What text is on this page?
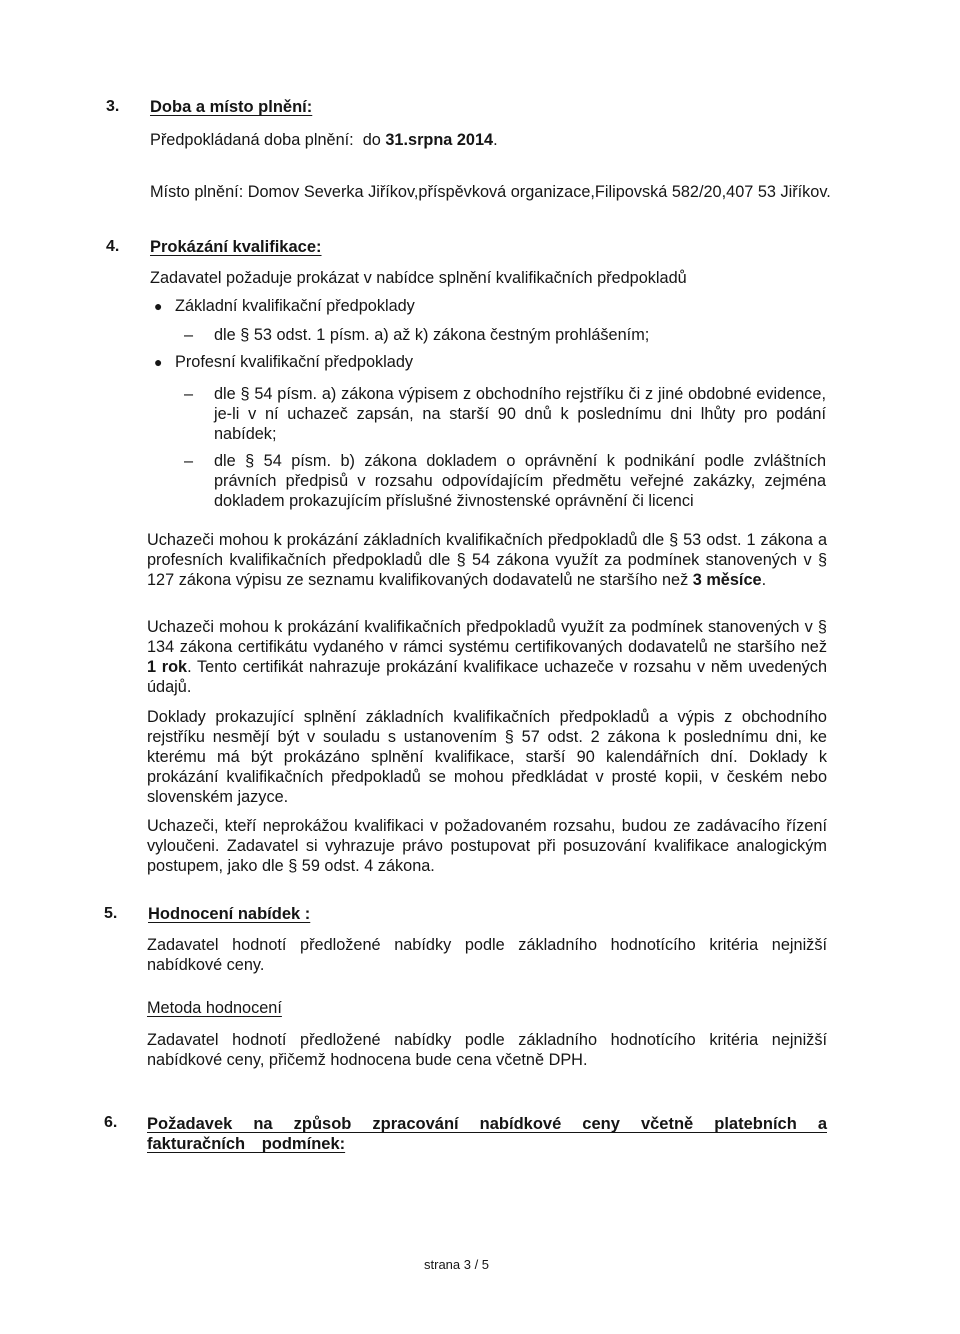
3. Doba a místo plnění:
Předpokládaná doba plnění:  do 31.srpna 2014.
Místo plnění: Domov Severka Jiříkov,příspěvková organizace,Filipovská 582/20,407 53 Jiříkov.
4. Prokázání kvalifikace:
Zadavatel požaduje prokázat v nabídce splnění kvalifikačních předpokladů
● Základní kvalifikační předpoklady
– dle § 53 odst. 1 písm. a) až k) zákona čestným prohlášením;
● Profesní kvalifikační předpoklady
– dle § 54 písm. a) zákona výpisem z obchodního rejstříku či z jiné obdobné evidence, je-li v ní uchazeč zapsán, na starší 90 dnů k poslednímu dni lhůty pro podání nabídek;
– dle § 54 písm. b) zákona dokladem o oprávnění k podnikání podle zvláštních právních předpisů v rozsahu odpovídajícím předmětu veřejné zakázky, zejména dokladem prokazujícím příslušné živnostenské oprávnění či licenci
Uchazeči mohou k prokázání základních kvalifikačních předpokladů dle § 53 odst. 1 zákona a profesních kvalifikačních předpokladů dle § 54 zákona využít za podmínek stanovených v § 127 zákona výpisu ze seznamu kvalifikovaných dodavatelů ne staršího než 3 měsíce.
Uchazeči mohou k prokázání kvalifikačních předpokladů využít za podmínek stanovených v § 134 zákona certifikátu vydaného v rámci systému certifikovaných dodavatelů ne staršího než 1 rok. Tento certifikát nahrazuje prokázání kvalifikace uchazeče v rozsahu v něm uvedených údajů.
Doklady prokazující splnění základních kvalifikačních předpokladů a výpis z obchodního rejstříku nesmějí být v souladu s ustanovením § 57 odst. 2 zákona k poslednímu dni, ke kterému má být prokázáno splnění kvalifikace, starší 90 kalendářních dní. Doklady k prokázání kvalifikačních předpokladů se mohou předkládat v prosté kopii, v českém nebo slovenském jazyce.
Uchazeči, kteří neprokážou kvalifikaci v požadovaném rozsahu, budou ze zadávacího řízení vyloučeni. Zadavatel si vyhrazuje právo postupovat při posuzování kvalifikace analogickým postupem, jako dle § 59 odst. 4 zákona.
5. Hodnocení nabídek :
Zadavatel hodnotí předložené nabídky podle základního hodnotícího kritéria nejnižší nabídkové ceny.
Metoda hodnocení
Zadavatel hodnotí předložené nabídky podle základního hodnotícího kritéria nejnižší nabídkové ceny, přičemž hodnocena bude cena včetně DPH.
6. Požadavek na způsob zpracování nabídkové ceny včetně platebních a fakturačních podmínek:
strana 3 / 5
